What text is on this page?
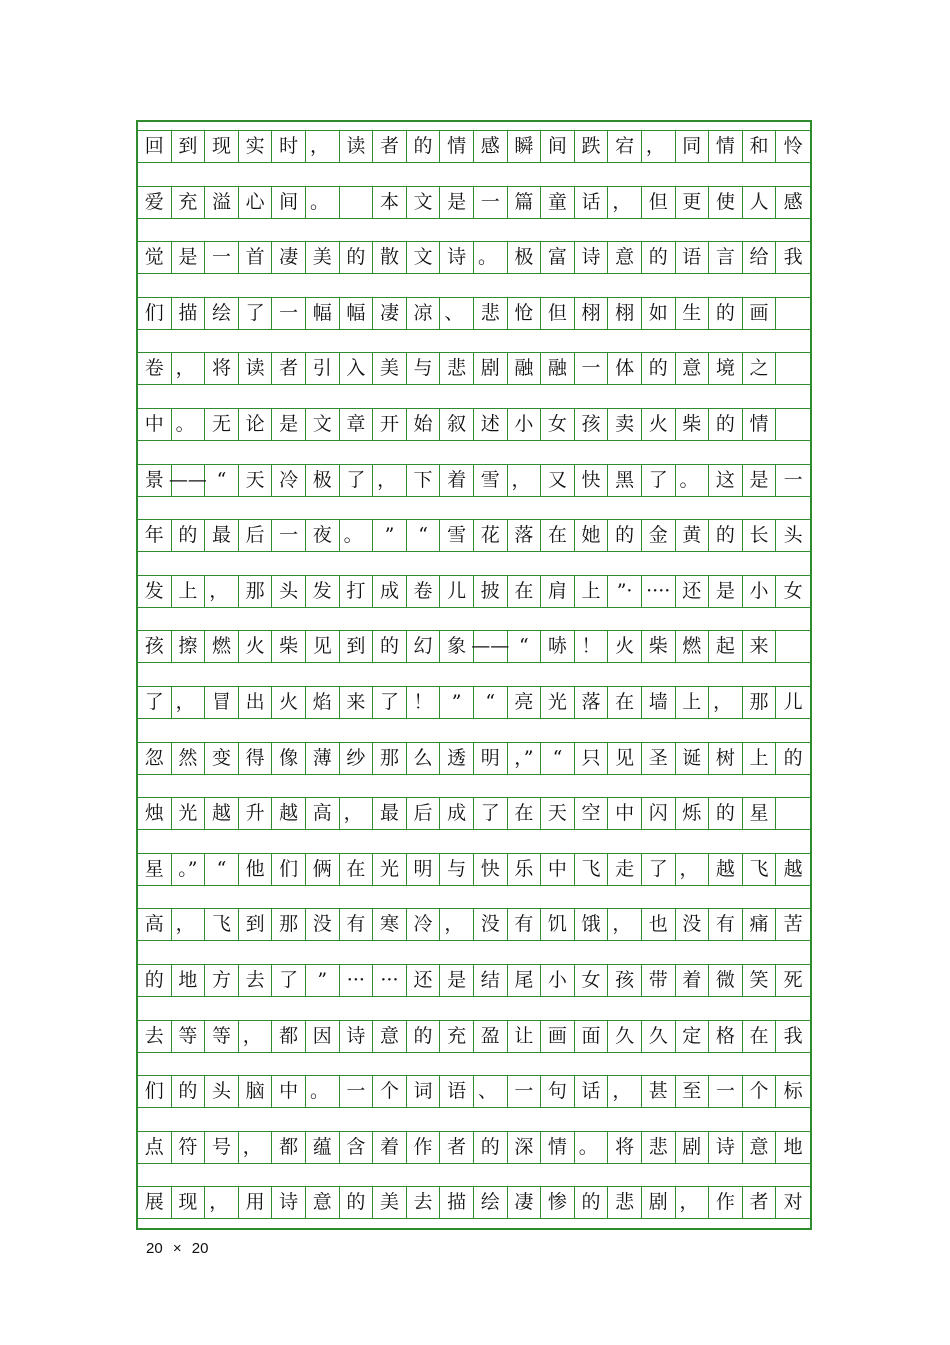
回 到 现 实 时 ， 读 者 的 情 感 瞬 间 跌 宕 ， 同 情 和 怜
爱 充 溢 心 间 。	本 文 是 一 篇 童 话 ， 但 更 使 人 感
觉 是 一 首 凄 美 的 散 文 诗 。 极 富 诗 意 的 语 言 给 我
们 描 绘 了 一 幅 幅 凄 凉 、 悲 怆 但 栩 栩 如 生 的 画
卷 ， 将 读 者 引 入 美 与 悲 剧 融 融 一 体 的 意 境 之
中 。 无 论 是 文 章 开 始 叙 述 小 女 孩 卖 火 柴 的 情
景 —— “	天 冷 极 了 ， 下 着 雪 ， 又 快 黑 了 。 这 是 一
年 的 最 后 一 夜 。	”	“	雪 花 落 在 她 的 金 黄 的 长 头
发 上 ， 那 头 发 打 成 卷 儿 披 在 肩 上 ”· ···· 还 是 小 女
孩 擦 燃 火 柴 见 到 的 幻 象 —— “	哧 ！ 火 柴 燃 起 来
了 ， 冒 出 火 焰 来 了 ！	”	“	亮 光 落 在 墙 上 ， 那 儿
忽 然 变 得 像 薄 纱 那 么 透 明 ，”	“	只 见 圣 诞 树 上 的
烛 光 越 升 越 高 ， 最 后 成 了 在 天 空 中 闪 烁 的 星
星 。”	“	他 们 俩 在 光 明 与 快 乐 中 飞 走 了 ， 越 飞 越
高 ， 飞 到 那 没 有 寒 冷 ， 没 有 饥 饿 ， 也 没 有 痛 苦
的 地 方 去 了	”	··· ··· 还 是 结 尾 小 女 孩 带 着 微 笑 死
去 等 等 ， 都 因 诗 意 的 充 盈 让 画 面 久 久 定 格 在 我
们 的 头 脑 中 。 一 个 词 语 、 一 句 话 ， 甚 至 一 个 标
点 符 号 ， 都 蕴 含 着 作 者 的 深 情 。 将 悲 剧 诗 意 地
展 现 ， 用 诗 意 的 美 去 描 绘 凄 惨 的 悲 剧 ， 作 者 对
20 × 20
